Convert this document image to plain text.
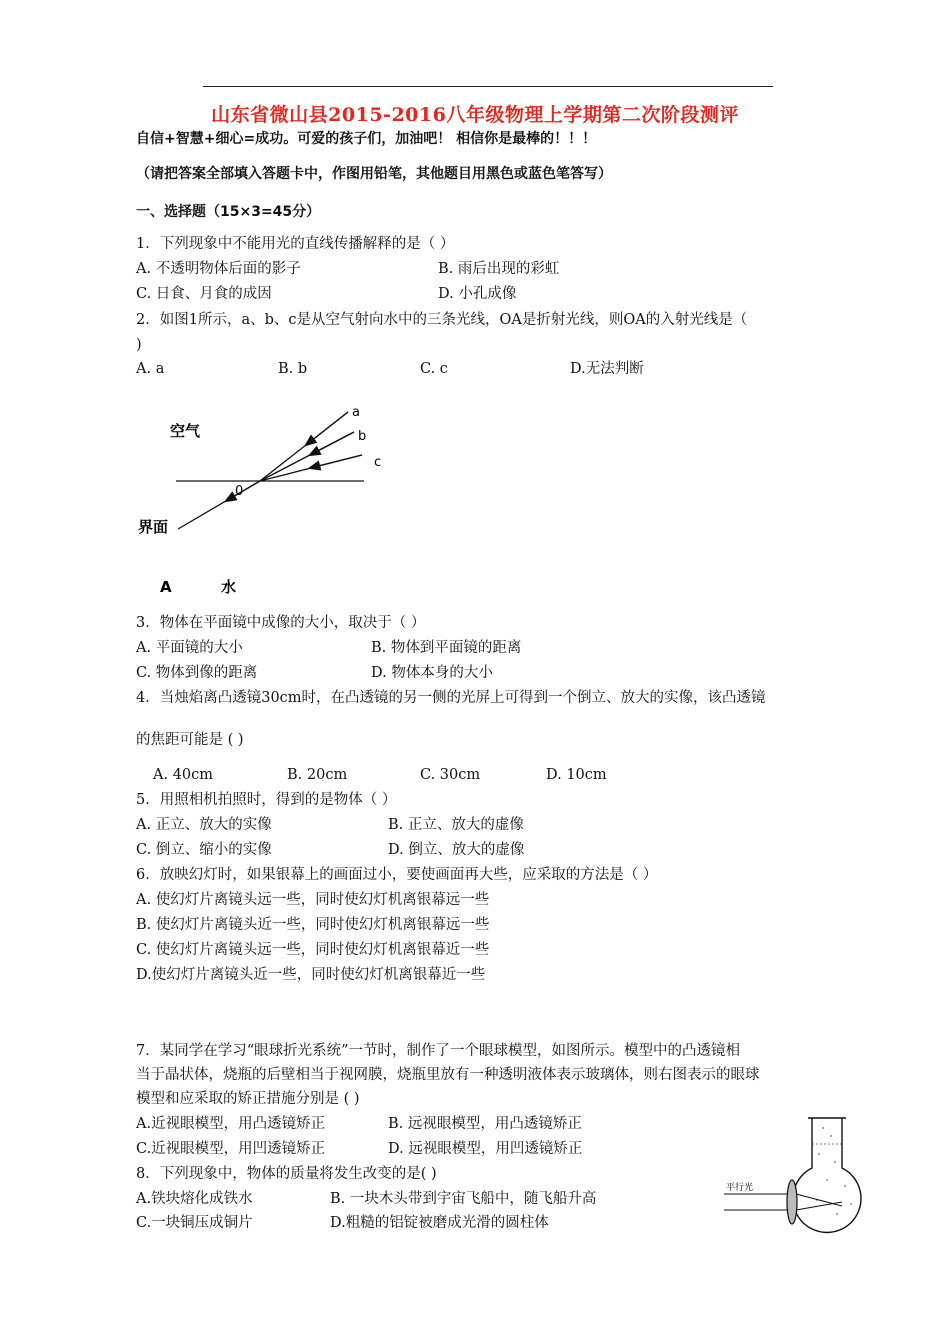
山东省微山县2015-2016八年级物理上学期第二次阶段测评
自信+智慧+细心=成功。可爱的孩子们，加油吧！ 相信你是最棒的！！！
（请把答案全部填入答题卡中，作图用铅笔，其他题目用黑色或蓝色笔答写）
一、选择题（15×3=45分）
1．下列现象中不能用光的直线传播解释的是（ ）
A. 不透明物体后面的影子	B. 雨后出现的彩虹
C. 日食、月食的成因	D. 小孔成像
2．如图1所示，a、b、c是从空气射向水中的三条光线，OA是折射光线，则OA的入射光线是（
)
A. a	B. b	C. c	D.无法判断
空气
界面
a
b
c
0
A	水
3．物体在平面镜中成像的大小，取决于（ ）
A. 平面镜的大小	B. 物体到平面镜的距离
C. 物体到像的距离	D. 物体本身的大小
4．当烛焰离凸透镜30cm时，在凸透镜的另一侧的光屏上可得到一个倒立、放大的实像，该凸透镜
的焦距可能是 ( )
A. 40cm	B. 20cm	C. 30cm	D. 10cm
5．用照相机拍照时，得到的是物体（ ）
A. 正立、放大的实像	B. 正立、放大的虚像
C. 倒立、缩小的实像	D. 倒立、放大的虚像
6．放映幻灯时，如果银幕上的画面过小，要使画面再大些，应采取的方法是（ ）
A. 使幻灯片离镜头远一些，同时使幻灯机离银幕远一些
B. 使幻灯片离镜头近一些，同时使幻灯机离银幕远一些
C. 使幻灯片离镜头远一些，同时使幻灯机离银幕近一些
D.使幻灯片离镜头近一些，同时使幻灯机离银幕近一些
7．某同学在学习“眼球折光系统”一节时，制作了一个眼球模型，如图所示。模型中的凸透镜相
当于晶状体，烧瓶的后壁相当于视网膜，烧瓶里放有一种透明液体表示玻璃体，则右图表示的眼球
模型和应采取的矫正措施分别是 ( )
A.近视眼模型，用凸透镜矫正	B. 远视眼模型，用凸透镜矫正
C.近视眼模型，用凹透镜矫正	D. 远视眼模型，用凹透镜矫正
8．下列现象中，物体的质量将发生改变的是( )
A.铁块熔化成铁水	B. 一块木头带到宇宙飞船中，随飞船升高
C.一块铜压成铜片	D.粗糙的铝锭被磨成光滑的圆柱体
平行光
